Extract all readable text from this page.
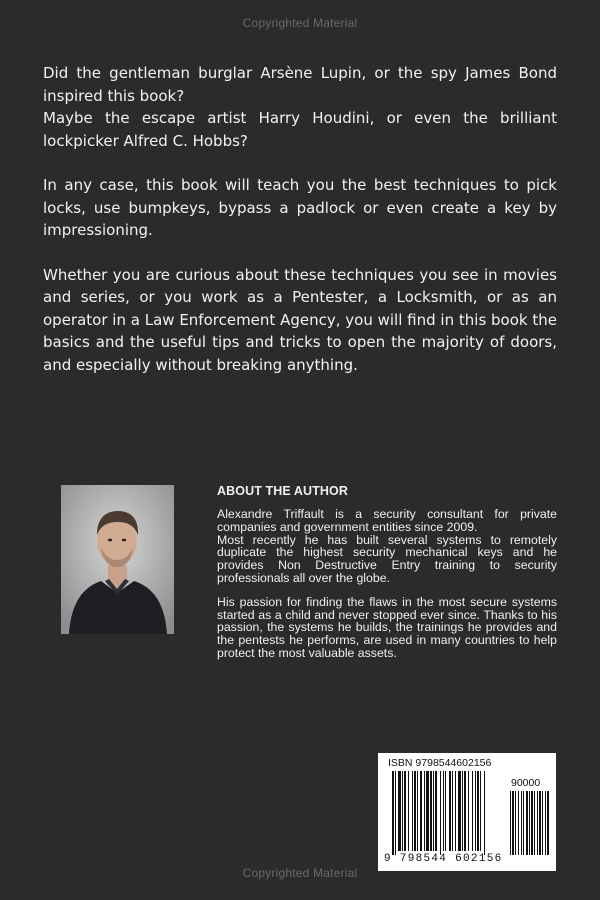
Copyrighted Material

Did the gentleman burglar Arsène Lupin, or the spy James Bond inspired this book?
Maybe the escape artist Harry Houdini, or even the brilliant lockpicker Alfred C. Hobbs?

In any case, this book will teach you the best techniques to pick locks, use bumpkeys, bypass a padlock or even create a key by impressioning.

Whether you are curious about these techniques you see in movies and series, or you work as a Pentester, a Locksmith, or as an operator in a Law Enforcement Agency, you will find in this book the basics and the useful tips and tricks to open the majority of doors, and especially without breaking anything.

ABOUT THE AUTHOR

Alexandre Triffault is a security consultant for private companies and government entities since 2009.

Most recently he has built several systems to remotely duplicate the highest security mechanical keys and he provides Non Destructive Entry training to security professionals all over the globe.

His passion for finding the flaws in the most secure systems started as a child and never stopped ever since. Thanks to his passion, the systems he builds, the trainings he provides and the pentests he performs, are used in many countries to help protect the most valuable assets.

ISBN 9798544602156
90000
9 798544 602156
Copyrighted Material
